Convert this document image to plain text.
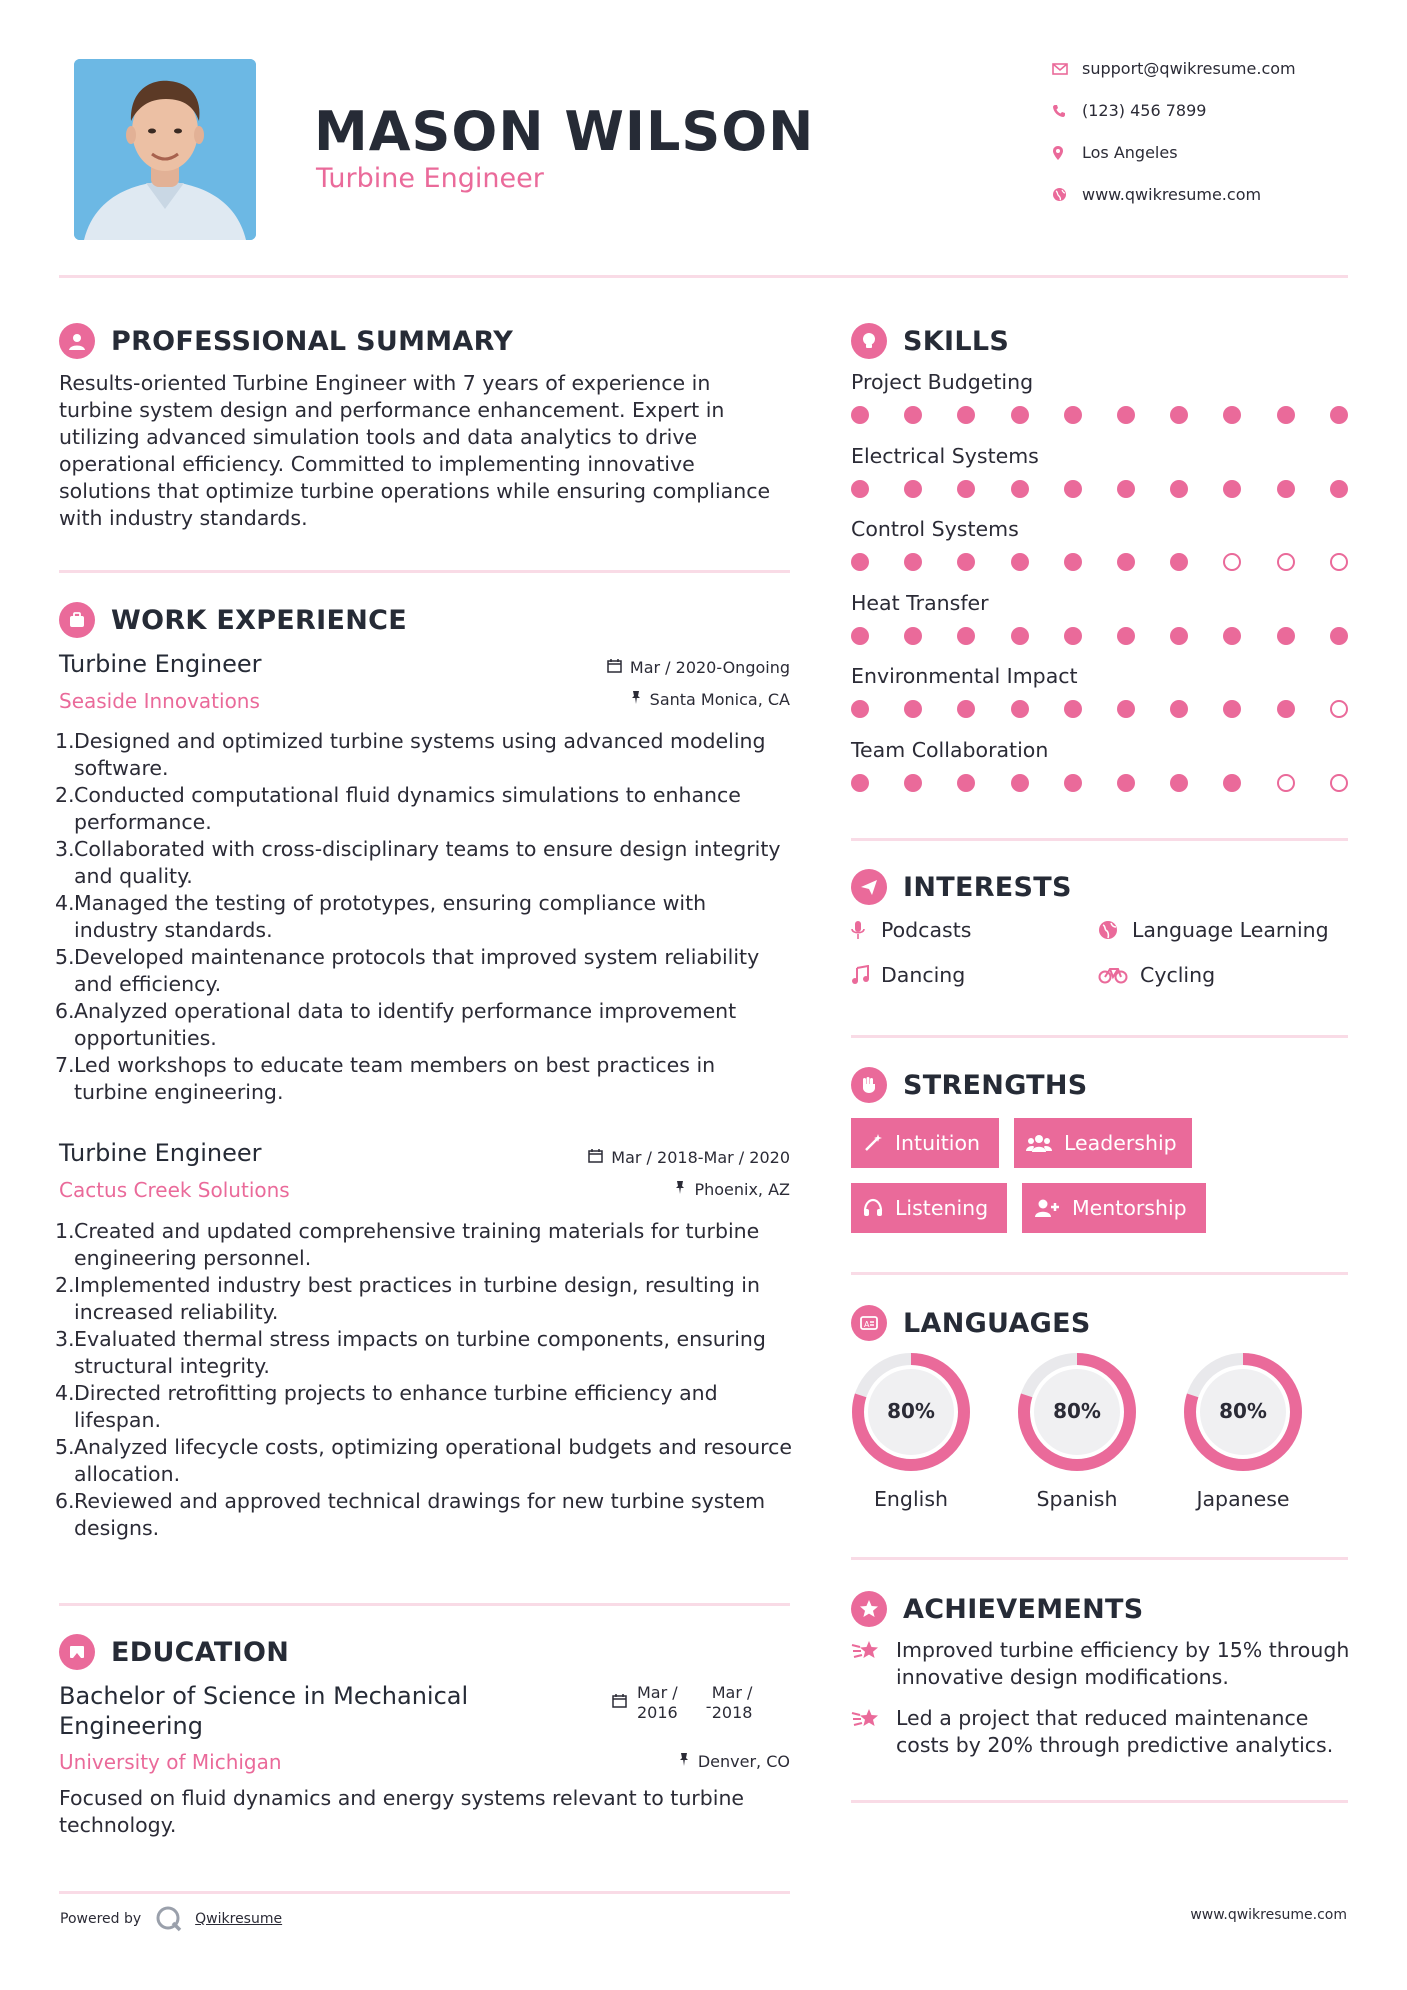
MASON WILSON
Turbine Engineer
support@qwikresume.com
(123) 456 7899
Los Angeles
www.qwikresume.com
PROFESSIONAL SUMMARY
Results-oriented Turbine Engineer with 7 years of experience in turbine system design and performance enhancement. Expert in utilizing advanced simulation tools and data analytics to drive operational efficiency. Committed to implementing innovative solutions that optimize turbine operations while ensuring compliance with industry standards.
WORK EXPERIENCE
Turbine Engineer
Seaside Innovations
Mar / 2020-Ongoing
Santa Monica, CA
1. Designed and optimized turbine systems using advanced modeling software.
2. Conducted computational fluid dynamics simulations to enhance performance.
3. Collaborated with cross-disciplinary teams to ensure design integrity and quality.
4. Managed the testing of prototypes, ensuring compliance with industry standards.
5. Developed maintenance protocols that improved system reliability and efficiency.
6. Analyzed operational data to identify performance improvement opportunities.
7. Led workshops to educate team members on best practices in turbine engineering.
Turbine Engineer
Cactus Creek Solutions
Mar / 2018-Mar / 2020
Phoenix, AZ
1. Created and updated comprehensive training materials for turbine engineering personnel.
2. Implemented industry best practices in turbine design, resulting in increased reliability.
3. Evaluated thermal stress impacts on turbine components, ensuring structural integrity.
4. Directed retrofitting projects to enhance turbine efficiency and lifespan.
5. Analyzed lifecycle costs, optimizing operational budgets and resource allocation.
6. Reviewed and approved technical drawings for new turbine system designs.
EDUCATION
Bachelor of Science in Mechanical Engineering
University of Michigan
Mar /
2016
Mar /
- 2018
Denver, CO
Focused on fluid dynamics and energy systems relevant to turbine technology.
SKILLS
Project Budgeting
Electrical Systems
Control Systems
Heat Transfer
Environmental Impact
Team Collaboration
INTERESTS
Podcasts	Language Learning
Dancing	Cycling
STRENGTHS
Intuition	Leadership
Listening	Mentorship
A LANGUAGES
80%
English
80%
Spanish
80%
Japanese
ACHIEVEMENTS
Improved turbine efficiency by 15% through innovative design modifications.
Led a project that reduced maintenance costs by 20% through predictive analytics.
Powered by	Qwikresume	www.qwikresume.com
